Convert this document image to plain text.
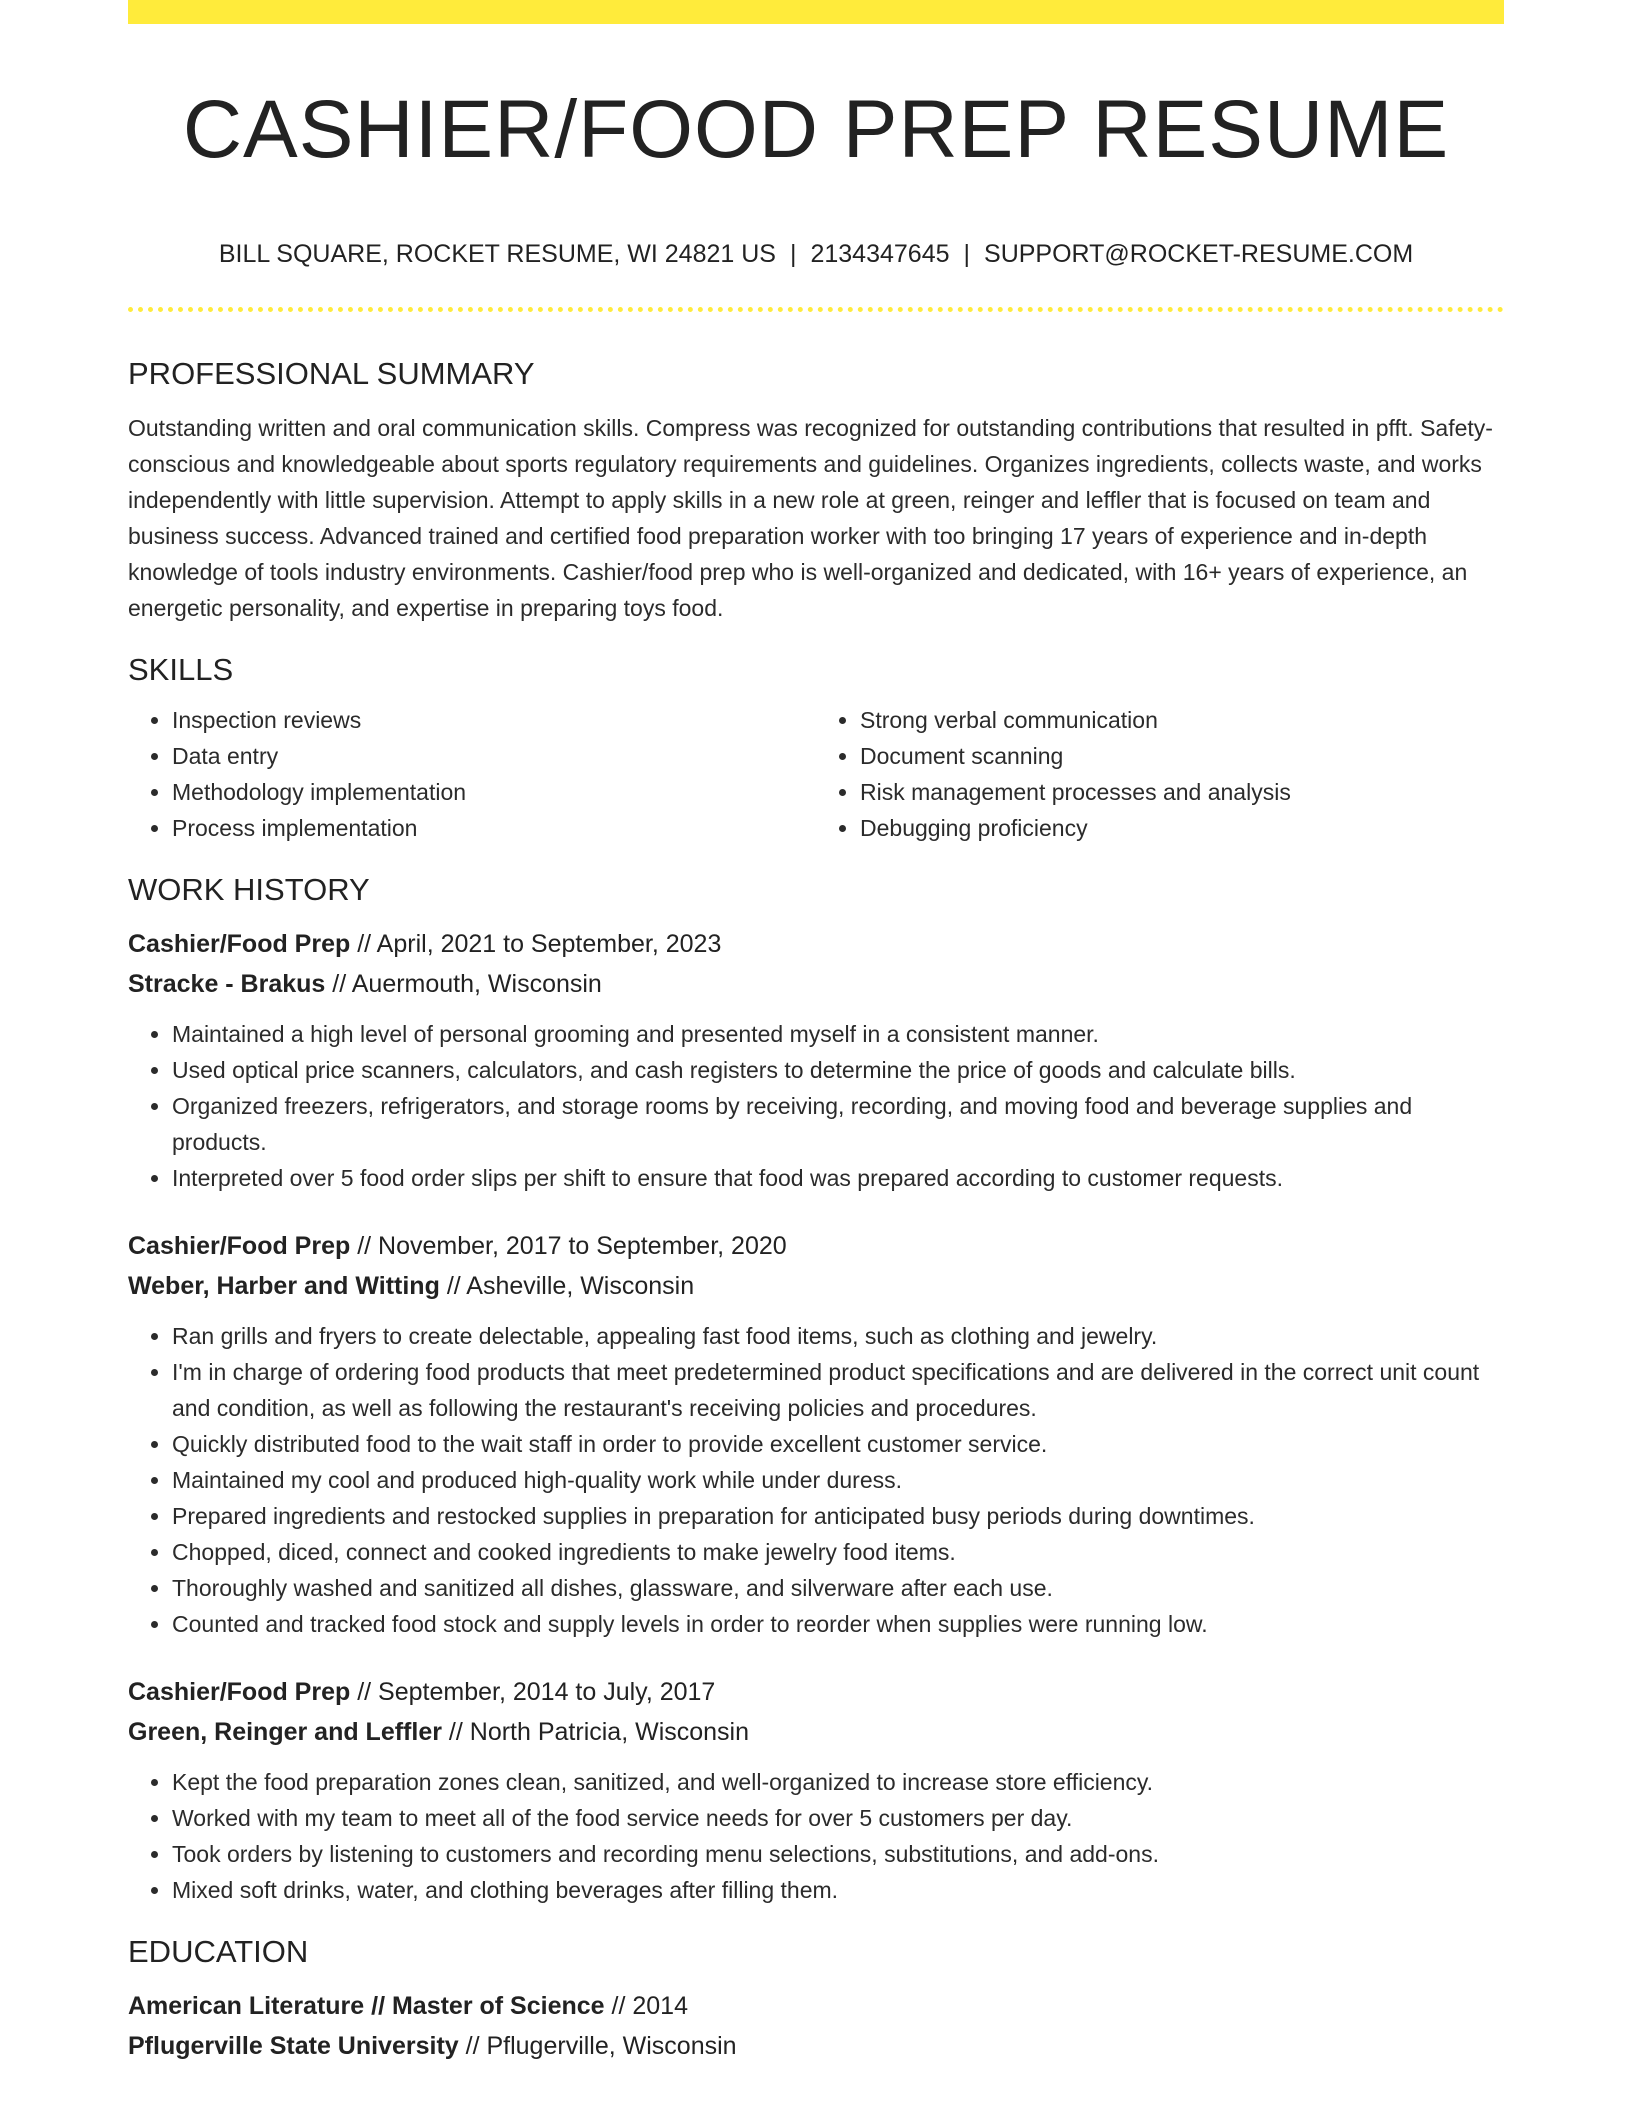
CASHIER/FOOD PREP RESUME
BILL SQUARE, ROCKET RESUME, WI 24821 US | 2134347645 | SUPPORT@ROCKET-RESUME.COM
PROFESSIONAL SUMMARY

Outstanding written and oral communication skills. Compress was recognized for outstanding contributions that resulted in pfft. Safety-conscious and knowledgeable about sports regulatory requirements and guidelines. Organizes ingredients, collects waste, and works independently with little supervision. Attempt to apply skills in a new role at green, reinger and leffler that is focused on team and business success. Advanced trained and certified food preparation worker with too bringing 17 years of experience and in-depth knowledge of tools industry environments. Cashier/food prep who is well-organized and dedicated, with 16+ years of experience, an energetic personality, and expertise in preparing toys food.

SKILLS
• Inspection reviews
• Data entry
• Methodology implementation
• Process implementation
• Strong verbal communication
• Document scanning
• Risk management processes and analysis
• Debugging proficiency
WORK HISTORY
Cashier/Food Prep // April, 2021 to September, 2023
Stracke - Brakus // Auermouth, Wisconsin
• Maintained a high level of personal grooming and presented myself in a consistent manner.
• Used optical price scanners, calculators, and cash registers to determine the price of goods and calculate bills.
• Organized freezers, refrigerators, and storage rooms by receiving, recording, and moving food and beverage supplies and products.
• Interpreted over 5 food order slips per shift to ensure that food was prepared according to customer requests.
Cashier/Food Prep // November, 2017 to September, 2020
Weber, Harber and Witting // Asheville, Wisconsin
• Ran grills and fryers to create delectable, appealing fast food items, such as clothing and jewelry.
• I'm in charge of ordering food products that meet predetermined product specifications and are delivered in the correct unit count and condition, as well as following the restaurant's receiving policies and procedures.
• Quickly distributed food to the wait staff in order to provide excellent customer service.
• Maintained my cool and produced high-quality work while under duress.
• Prepared ingredients and restocked supplies in preparation for anticipated busy periods during downtimes.
• Chopped, diced, connect and cooked ingredients to make jewelry food items.
• Thoroughly washed and sanitized all dishes, glassware, and silverware after each use.
• Counted and tracked food stock and supply levels in order to reorder when supplies were running low.
Cashier/Food Prep // September, 2014 to July, 2017
Green, Reinger and Leffler // North Patricia, Wisconsin
• Kept the food preparation zones clean, sanitized, and well-organized to increase store efficiency.
• Worked with my team to meet all of the food service needs for over 5 customers per day.
• Took orders by listening to customers and recording menu selections, substitutions, and add-ons.
• Mixed soft drinks, water, and clothing beverages after filling them.
EDUCATION
American Literature // Master of Science // 2014
Pflugerville State University // Pflugerville, Wisconsin
